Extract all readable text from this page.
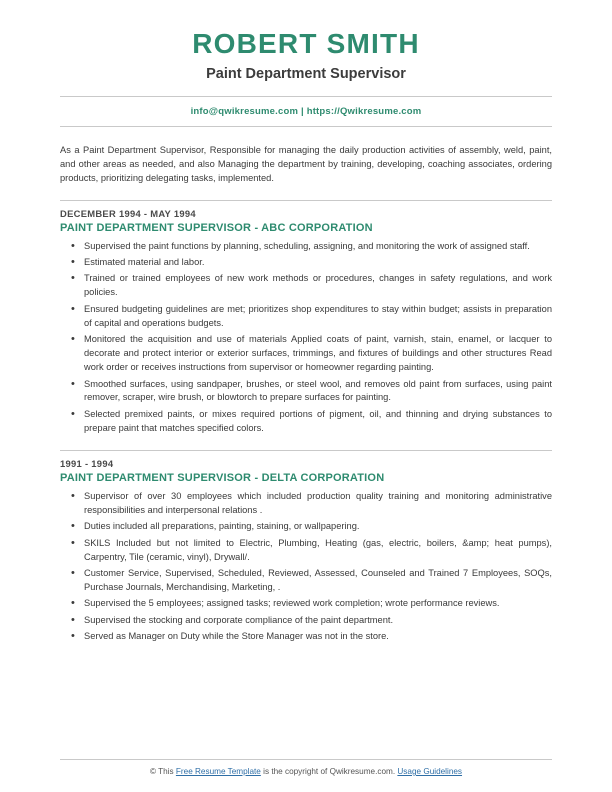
ROBERT SMITH
Paint Department Supervisor
info@qwikresume.com | https://Qwikresume.com
As a Paint Department Supervisor, Responsible for managing the daily production activities of assembly, weld, paint, and other areas as needed, and also Managing the department by training, developing, coaching associates, ordering products, prioritizing delegating tasks, implemented.
DECEMBER 1994 - MAY 1994
PAINT DEPARTMENT SUPERVISOR - ABC CORPORATION
• Supervised the paint functions by planning, scheduling, assigning, and monitoring the work of assigned staff.
• Estimated material and labor.
• Trained or trained employees of new work methods or procedures, changes in safety regulations, and work policies.
• Ensured budgeting guidelines are met; prioritizes shop expenditures to stay within budget; assists in preparation of capital and operations budgets.
• Monitored the acquisition and use of materials Applied coats of paint, varnish, stain, enamel, or lacquer to decorate and protect interior or exterior surfaces, trimmings, and fixtures of buildings and other structures Read work order or receives instructions from supervisor or homeowner regarding painting.
• Smoothed surfaces, using sandpaper, brushes, or steel wool, and removes old paint from surfaces, using paint remover, scraper, wire brush, or blowtorch to prepare surfaces for painting.
• Selected premixed paints, or mixes required portions of pigment, oil, and thinning and drying substances to prepare paint that matches specified colors.
1991 - 1994
PAINT DEPARTMENT SUPERVISOR - DELTA CORPORATION
• Supervisor of over 30 employees which included production quality training and monitoring administrative responsibilities and interpersonal relations .
• Duties included all preparations, painting, staining, or wallpapering.
• SKILS Included but not limited to Electric, Plumbing, Heating (gas, electric, boilers, &amp; heat pumps), Carpentry, Tile (ceramic, vinyl), Drywall/.
• Customer Service, Supervised, Scheduled, Reviewed, Assessed, Counseled and Trained 7 Employees, SOQs, Purchase Journals, Merchandising, Marketing, .
• Supervised the 5 employees; assigned tasks; reviewed work completion; wrote performance reviews.
• Supervised the stocking and corporate compliance of the paint department.
• Served as Manager on Duty while the Store Manager was not in the store.
© This Free Resume Template is the copyright of Qwikresume.com. Usage Guidelines
